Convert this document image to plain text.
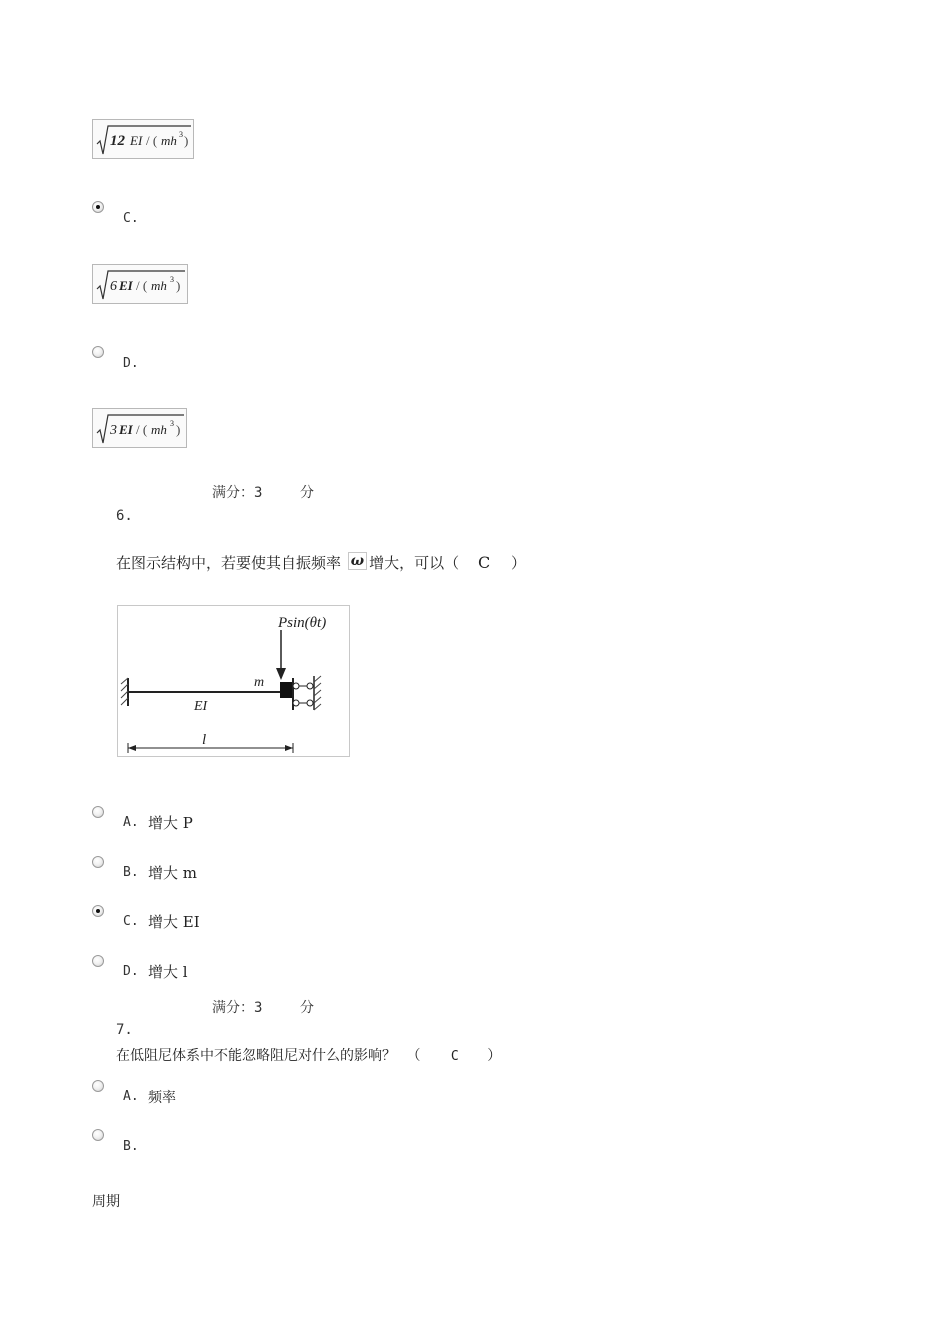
12 EI / ( mh 3 )
C.
6 EI / ( mh 3 )
D.
3 EI / ( mh 3 )
满分：3	分
6.
在图示结构中，若要使其自振频率 ω 增大，可以（ C ）
m
EI
Psin(θt)
l
A. 增大 P
B. 增大 m
C. 增大 EI
D. 增大 l
满分：3	分
7.
在低阻尼体系中不能忽略阻尼对什么的影响？ （ C ）
A. 频率
B.
周期
